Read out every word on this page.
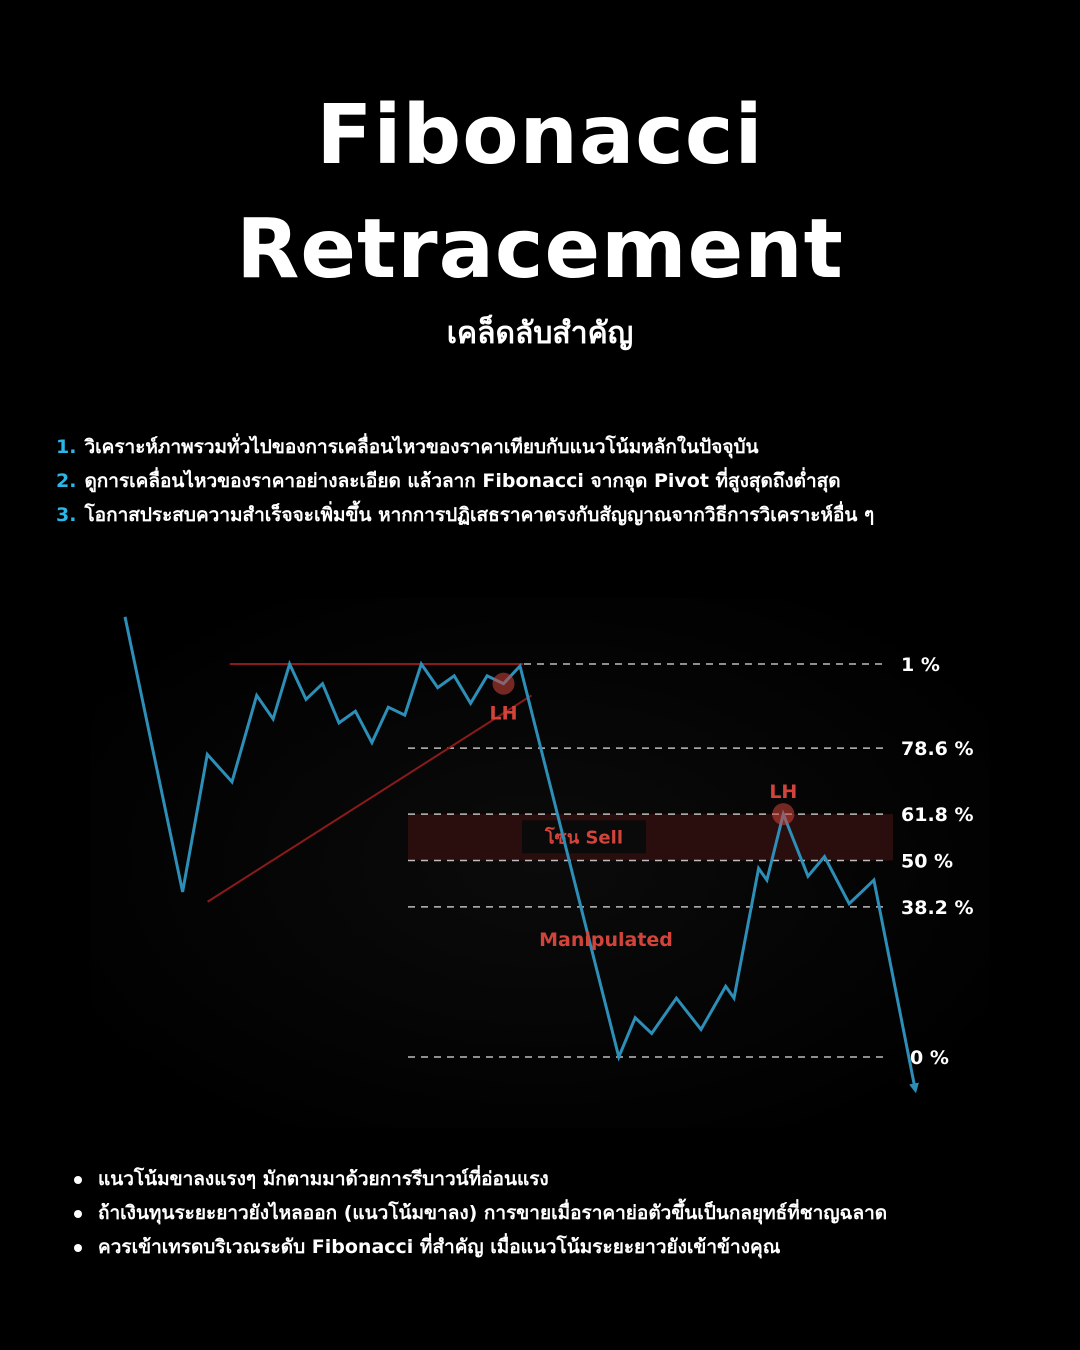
Fibonacci
Retracement
เคล็ดลับสำคัญ
1. วิเคราะห์ภาพรวมทั่วไปของการเคลื่อนไหวของราคาเทียบกับแนวโน้มหลักในปัจจุบัน
2. ดูการเคลื่อนไหวของราคาอย่างละเอียด แล้วลาก Fibonacci จากจุด Pivot ที่สูงสุดถึงต่ำสุด
3. โอกาสประสบความสำเร็จจะเพิ่มขึ้น หากการปฏิเสธราคาตรงกับสัญญาณจากวิธีการวิเคราะห์อื่น ๆ
โซน Sell
1 %
78.6 %
61.8 %
50 %
38.2 %
0 %
LH
LH
Manipulated
แนวโน้มขาลงแรงๆ มักตามมาด้วยการรีบาวน์ที่อ่อนแรง
ถ้าเงินทุนระยะยาวยังไหลออก (แนวโน้มขาลง) การขายเมื่อราคาย่อตัวขึ้นเป็นกลยุทธ์ที่ชาญฉลาด
ควรเข้าเทรดบริเวณระดับ Fibonacci ที่สำคัญ เมื่อแนวโน้มระยะยาวยังเข้าข้างคุณ
